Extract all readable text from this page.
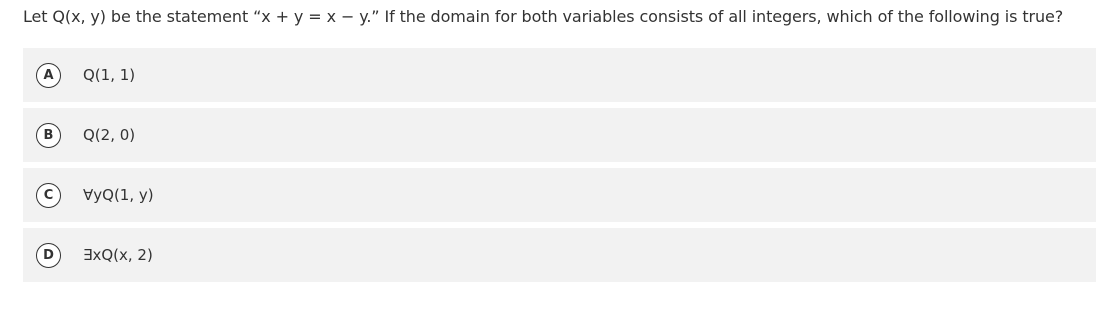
Let Q(x, y) be the statement “x + y = x − y.” If the domain for both variables consists of all integers, which of the following is true?
A	Q(1, 1)
B	Q(2, 0)
C	∀yQ(1, y)
D	∃xQ(x, 2)
